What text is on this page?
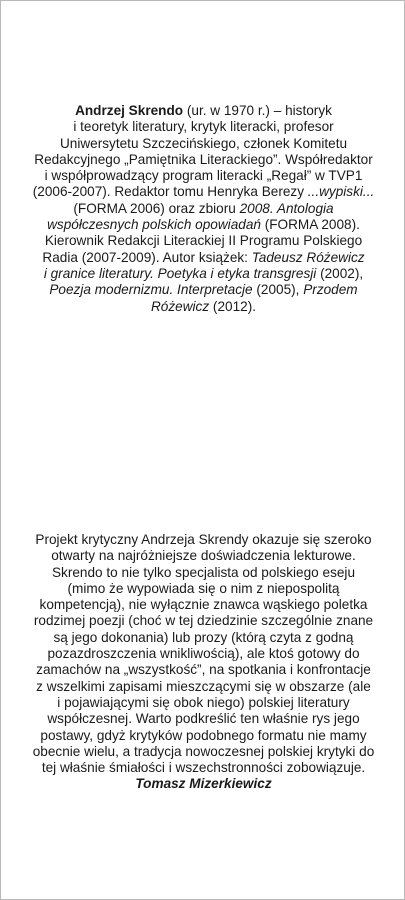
Andrzej Skrendo (ur. w 1970 r.) – historyk
i teoretyk literatury, krytyk literacki, profesor
Uniwersytetu Szczecińskiego, członek Komitetu
Redakcyjnego „Pamiętnika Literackiego”. Współredaktor
i współprowadzący program literacki „Regał” w TVP1
(2006-2007). Redaktor tomu Henryka Berezy ...wypiski...
(FORMA 2006) oraz zbioru 2008. Antologia
współczesnych polskich opowiadań (FORMA 2008).
Kierownik Redakcji Literackiej II Programu Polskiego
Radia (2007-2009). Autor książek: Tadeusz Różewicz
i granice literatury. Poetyka i etyka transgresji (2002),
Poezja modernizmu. Interpretacje (2005), Przodem
Różewicz (2012).
Projekt krytyczny Andrzeja Skrendy okazuje się szeroko
otwarty na najróżniejsze doświadczenia lekturowe.
Skrendo to nie tylko specjalista od polskiego eseju
(mimo że wypowiada się o nim z niepospolitą
kompetencją), nie wyłącznie znawca wąskiego poletka
rodzimej poezji (choć w tej dziedzinie szczególnie znane
są jego dokonania) lub prozy (którą czyta z godną
pozazdroszczenia wnikliwością), ale ktoś gotowy do
zamachów na „wszystkość”, na spotkania i konfrontacje
z wszelkimi zapisami mieszczącymi się w obszarze (ale
i pojawiającymi się obok niego) polskiej literatury
współczesnej. Warto podkreślić ten właśnie rys jego
postawy, gdyż krytyków podobnego formatu nie mamy
obecnie wielu, a tradycja nowoczesnej polskiej krytyki do
tej właśnie śmiałości i wszechstronności zobowiązuje.
Tomasz Mizerkiewicz
